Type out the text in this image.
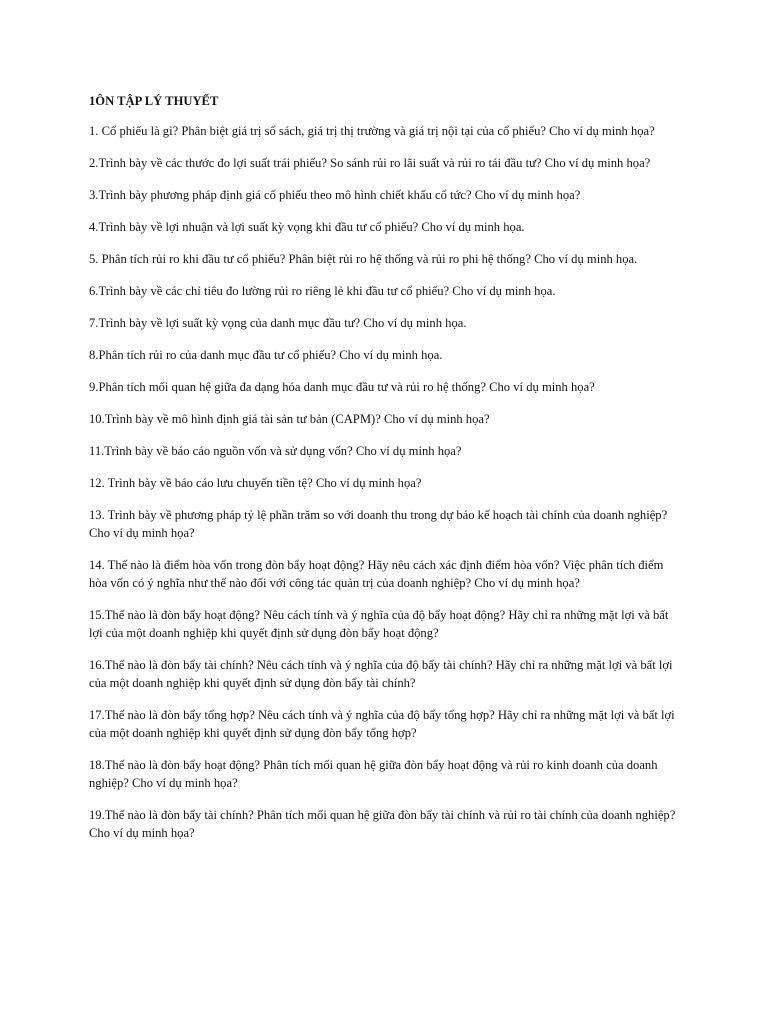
1ÔN TẬP LÝ THUYẾT
1. Cổ phiếu là gì? Phân biệt giá trị sổ sách, giá trị thị trường và giá trị nội tại của cổ phiếu? Cho ví dụ minh họa?
2.Trình bày về các thước đo lợi suất trái phiếu? So sánh rủi ro lãi suất và rủi ro tái đầu tư? Cho ví dụ minh họa?
3.Trình bày phương pháp định giá cổ phiếu theo mô hình chiết khấu cổ tức? Cho ví dụ minh họa?
4.Trình bày về lợi nhuận và lợi suất kỳ vọng khi đầu tư cổ phiếu? Cho ví dụ minh họa.
5. Phân tích rủi ro khi đầu tư cổ phiếu? Phân biệt rủi ro hệ thống và rủi ro phi hệ thống? Cho ví dụ minh họa.
6.Trình bày về các chỉ tiêu đo lường rủi ro riêng lẻ khi đầu tư cổ phiếu? Cho ví dụ minh họa.
7.Trình bày về lợi suất kỳ vọng của danh mục đầu tư? Cho ví dụ minh họa.
8.Phân tích rủi ro của danh mục đầu tư cổ phiếu? Cho ví dụ minh họa.
9.Phân tích mối quan hệ giữa đa dạng hóa danh mục đầu tư và rủi ro hệ thống? Cho ví dụ minh họa?
10.Trình bày về mô hình định giá tài sản tư bản (CAPM)? Cho ví dụ minh họa?
11.Trình bày về báo cáo nguồn vốn và sử dụng vốn? Cho ví dụ minh họa?
12. Trình bày về báo cáo lưu chuyển tiền tệ? Cho ví dụ minh họa?
13. Trình bày về phương pháp tỷ lệ phần trăm so với doanh thu trong dự báo kế hoạch tài chính của doanh nghiệp? Cho ví dụ minh họa?
14. Thế nào là điểm hòa vốn trong đòn bẩy hoạt động? Hãy nêu cách xác định điểm hòa vốn? Việc phân tích điểm hòa vốn có ý nghĩa như thế nào đối với công tác quản trị của doanh nghiệp? Cho ví dụ minh họa?
15.Thế nào là đòn bẩy hoạt động? Nêu cách tính và ý nghĩa của độ bẩy hoạt động? Hãy chỉ ra những mặt lợi và bất lợi của một doanh nghiệp khi quyết định sử dụng đòn bẩy hoạt động?
16.Thế nào là đòn bẩy tài chính? Nêu cách tính và ý nghĩa của độ bẩy tài chính? Hãy chỉ ra những mặt lợi và bất lợi của một doanh nghiệp khi quyết định sử dụng đòn bẩy tài chính?
17.Thế nào là đòn bẩy tổng hợp? Nêu cách tính và ý nghĩa của độ bẩy tổng hợp? Hãy chỉ ra những mặt lợi và bất lợi của một doanh nghiệp khi quyết định sử dụng đòn bẩy tổng hợp?
18.Thế nào là đòn bẩy hoạt động? Phân tích mối quan hệ giữa đòn bẩy hoạt động và rủi ro kinh doanh của doanh nghiệp? Cho ví dụ minh họa?
19.Thế nào là đòn bẩy tài chính? Phân tích mối quan hệ giữa đòn bẩy tài chính và rủi ro tài chính của doanh nghiệp? Cho ví dụ minh họa?
